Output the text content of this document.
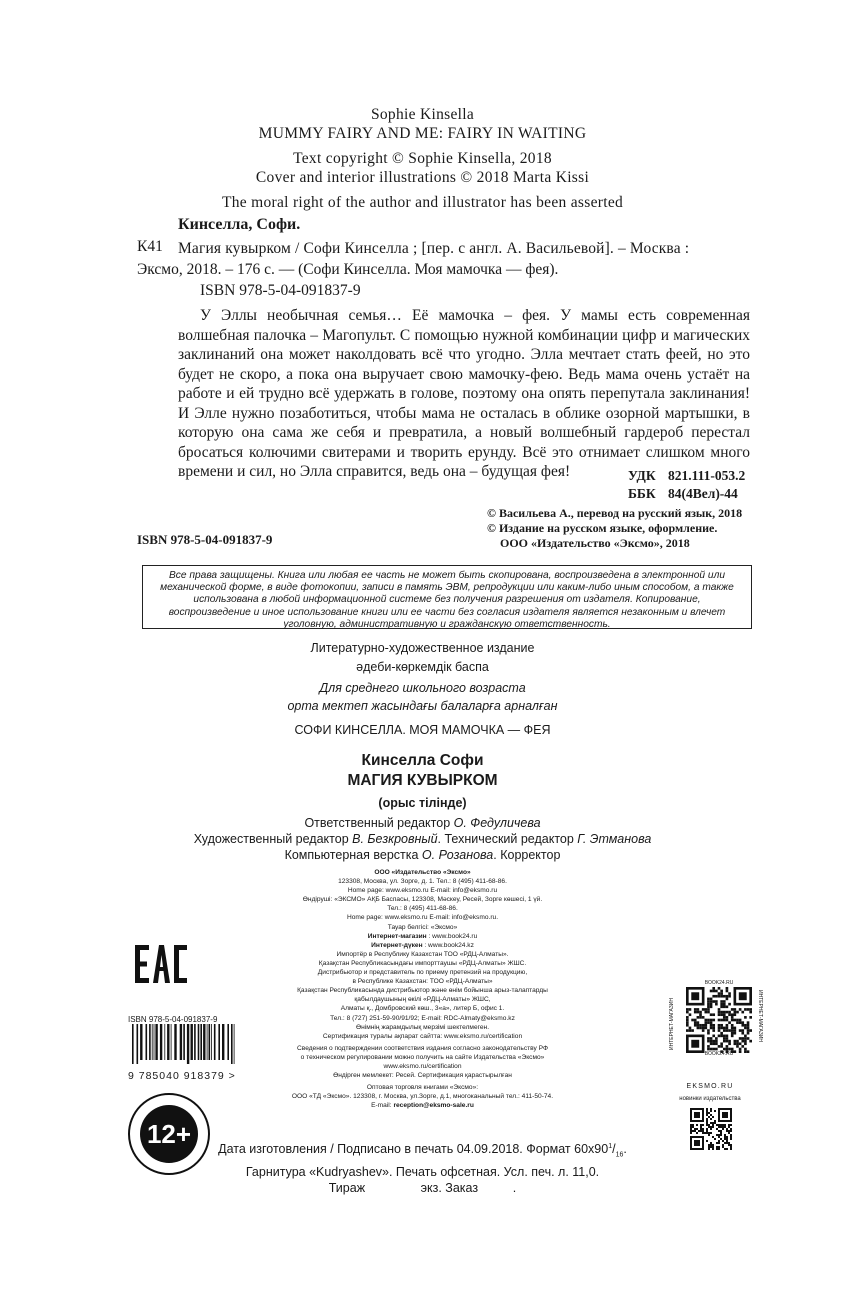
Sophie Kinsella
MUMMY FAIRY AND ME: FAIRY IN WAITING
Text copyright © Sophie Kinsella, 2018
Cover and interior illustrations © 2018 Marta Kissi
The moral right of the author and illustrator has been asserted
Кинселла, Софи.
К41 Магия кувырком / Софи Кинселла ; [пер. с англ. А. Васильевой]. – Москва :
Эксмо, 2018. – 176 с. — (Софи Кинселла. Моя мамочка — фея).
ISBN 978-5-04-091837-9

У Эллы необычная семья… Её мамочка – фея. У мамы есть современная волшебная палочка – Магопульт. С помощью нужной комбинации цифр и магических заклинаний она может наколдовать всё что угодно. Элла мечтает стать феей, но это будет не скоро, а пока она выручает свою мамочку-фею. Ведь мама очень устаёт на работе и ей трудно всё удержать в голове, поэтому она опять перепутала заклинания! И Элле нужно позаботиться, чтобы мама не осталась в облике озорной мартышки, в которую она сама же себя и превратила, а новый волшебный гардероб перестал бросаться колючими свитерами и творить ерунду. Всё это отнимает слишком много времени и сил, но Элла справится, ведь она – будущая фея!	УДК 821.111-053.2
ББК 84(4Вел)-44
© Васильева А., перевод на русский язык, 2018
© Издание на русском языке, оформление.
ООО «Издательство «Эксмо», 2018
ISBN 978-5-04-091837-9
Все права защищены. Книга или любая ее часть не может быть скопирована, воспроизведена в электронной или механической форме, в виде фотокопии, записи в память ЭВМ, репродукции или каким-либо иным способом, а также использована в любой информационной системе без получения разрешения от издателя. Копирование, воспроизведение и иное использование книги или ее части без согласия издателя является незаконным и влечет уголовную, административную и гражданскую ответственность.
Литературно-художественное издание
әдеби-көркемдік баспа
Для среднего школьного возраста
орта мектеп жасындағы балаларға арналған
СОФИ КИНСЕЛЛА. МОЯ МАМОЧКА — ФЕЯ
Кинселла Софи
МАГИЯ КУВЫРКОМ
(орыс тілінде)
Ответственный редактор О. Федуличева
Художественный редактор В. Безкровный. Технический редактор Г. Этманова
Компьютерная верстка О. Розанова. Корректор
ООО «Издательство «Эксмо»
123308, Москва, ул. Зорге, д. 1. Тел.: 8 (495) 411-68-86.
Home page: www.eksmo.ru E-mail: info@eksmo.ru
Өндіруші: «ЭКСМО» АҚБ Баспасы, 123308, Мәскеу, Ресей, Зорге көшесі, 1 үй.
Тел.: 8 (495) 411-68-86.
Home page: www.eksmo.ru E-mail: info@eksmo.ru.
Тауар белгісі: «Эксмо»
Интернет-магазин : www.book24.ru
Интернет-дүкен : www.book24.kz
Импортёр в Республику Казахстан ТОО «РДЦ-Алматы».
Қазақстан Республикасындағы импорттаушы «РДЦ-Алматы» ЖШС.
Дистрибьютор и представитель по приему претензий на продукцию,
в Республике Казахстан: ТОО «РДЦ-Алматы»
Қазақстан Республикасында дистрибьютор және өнім бойынша арыз-талаптарды
қабылдаушының өкілі «РДЦ-Алматы» ЖШС,
Алматы қ., Домбровский көш., 3«а», литер Б, офис 1.
Тел.: 8 (727) 251-59-90/91/92; E-mail: RDC-Almaty@eksmo.kz
Өнімнің жарамдылық мерзімі шектелмеген.
Сертификация туралы ақпарат сайтта: www.eksmo.ru/certification
Сведения о подтверждении соответствия издания согласно законодательству РФ
о техническом регулировании можно получить на сайте Издательства «Эксмо»
www.eksmo.ru/certification
Өндірген мемлекет: Ресей. Сертификация қарастырылған
Оптовая торговля книгами «Эксмо»:
ООО «ТД «Эксмо». 123308, г. Москва, ул.Зорге, д.1, многоканальный тел.: 411-50-74.
E-mail: reception@eksmo-sale.ru
Дата изготовления / Подписано в печать 04.09.2018. Формат $60x90^1/_{16}$.
Гарнитура «Kudryashev». Печать офсетная. Усл. печ. л. 11,0.
Тираж                экз. Заказ          .
ISBN 978-5-04-091837-9
9 785040 918379 >
12+
BOOK24.RU
ИНТЕРНЕТ-МАГАЗИН	ИНТЕРНЕТ-МАГАЗИН
BOOK24.RU
EKSMO.RU
новинки издательства
